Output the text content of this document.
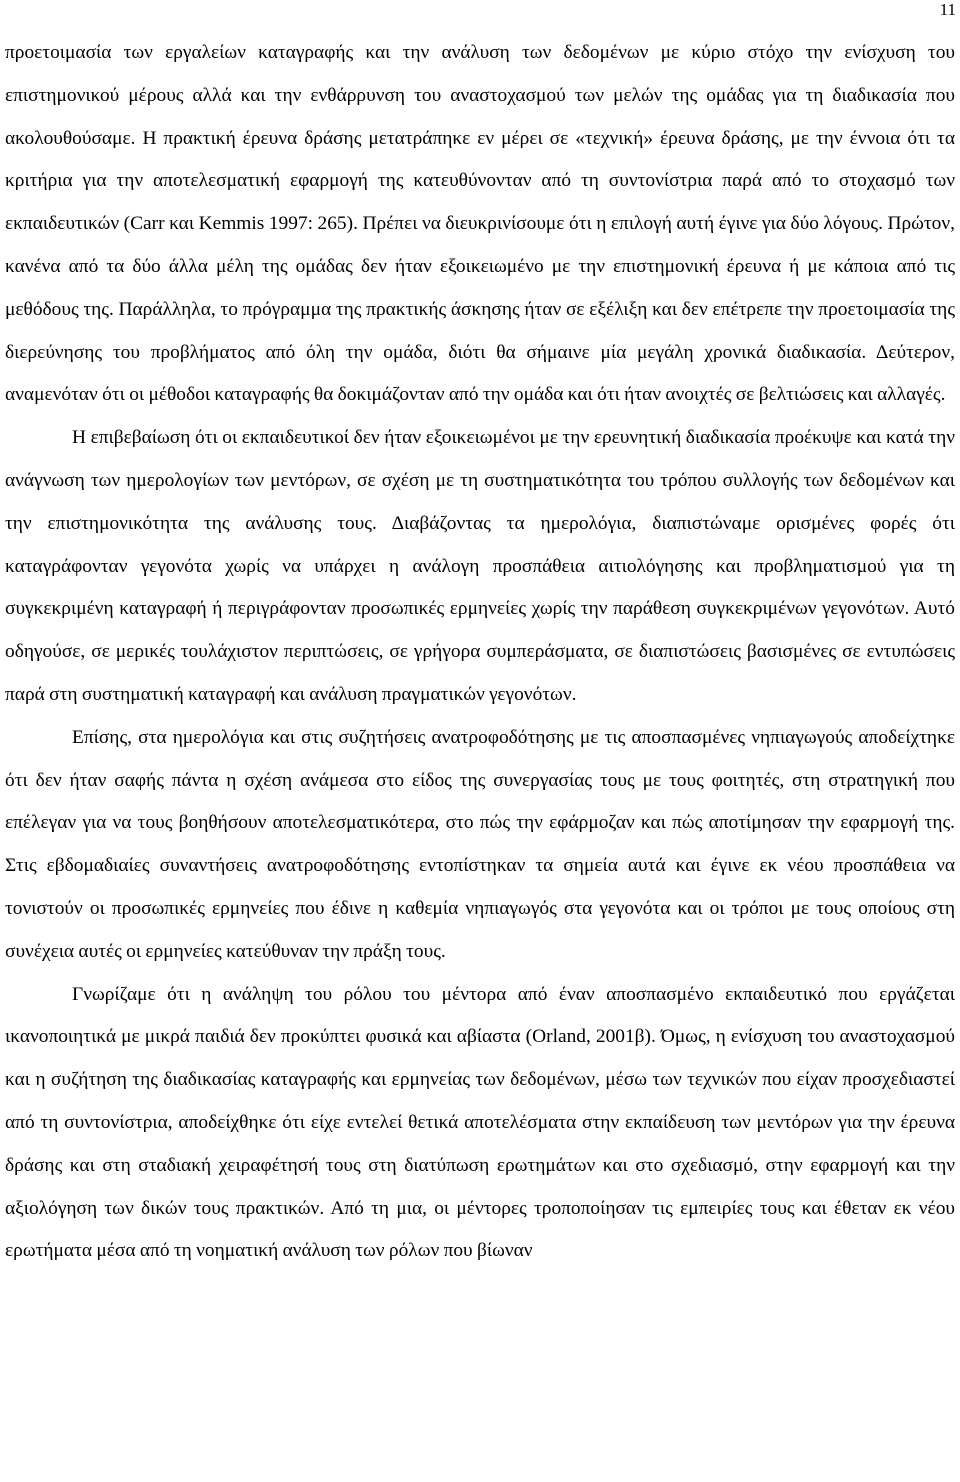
11

προετοιμασία των εργαλείων καταγραφής και την ανάλυση των δεδομένων με κύριο στόχο την ενίσχυση του επιστημονικού μέρους αλλά και την ενθάρρυνση του αναστοχασμού των μελών της ομάδας για τη διαδικασία που ακολουθούσαμε. Η πρακτική έρευνα δράσης μετατράπηκε εν μέρει σε «τεχνική» έρευνα δράσης, με την έννοια ότι τα κριτήρια για την αποτελεσματική εφαρμογή της κατευθύνονταν από τη συντονίστρια παρά από το στοχασμό των εκπαιδευτικών (Carr και Kemmis 1997: 265). Πρέπει να διευκρινίσουμε ότι η επιλογή αυτή έγινε για δύο λόγους. Πρώτον, κανένα από τα δύο άλλα μέλη της ομάδας δεν ήταν εξοικειωμένο με την επιστημονική έρευνα ή με κάποια από τις μεθόδους της. Παράλληλα, το πρόγραμμα της πρακτικής άσκησης ήταν σε εξέλιξη και δεν επέτρεπε την προετοιμασία της διερεύνησης του προβλήματος από όλη την ομάδα, διότι θα σήμαινε μία μεγάλη χρονικά διαδικασία. Δεύτερον, αναμενόταν ότι οι μέθοδοι καταγραφής θα δοκιμάζονταν από την ομάδα και ότι ήταν ανοιχτές σε βελτιώσεις και αλλαγές.

Η επιβεβαίωση ότι οι εκπαιδευτικοί δεν ήταν εξοικειωμένοι με την ερευνητική διαδικασία προέκυψε και κατά την ανάγνωση των ημερολογίων των μεντόρων, σε σχέση με τη συστηματικότητα του τρόπου συλλογής των δεδομένων και την επιστημονικότητα της ανάλυσης τους. Διαβάζοντας τα ημερολόγια, διαπιστώναμε ορισμένες φορές ότι καταγράφονταν γεγονότα χωρίς να υπάρχει η ανάλογη προσπάθεια αιτιολόγησης και προβληματισμού για τη συγκεκριμένη καταγραφή ή περιγράφονταν προσωπικές ερμηνείες χωρίς την παράθεση συγκεκριμένων γεγονότων. Αυτό οδηγούσε, σε μερικές τουλάχιστον περιπτώσεις, σε γρήγορα συμπεράσματα, σε διαπιστώσεις βασισμένες σε εντυπώσεις παρά στη συστηματική καταγραφή και ανάλυση πραγματικών γεγονότων.

Επίσης, στα ημερολόγια και στις συζητήσεις ανατροφοδότησης με τις αποσπασμένες νηπιαγωγούς αποδείχτηκε ότι δεν ήταν σαφής πάντα η σχέση ανάμεσα στο είδος της συνεργασίας τους με τους φοιτητές, στη στρατηγική που επέλεγαν για να τους βοηθήσουν αποτελεσματικότερα, στο πώς την εφάρμοζαν και πώς αποτίμησαν την εφαρμογή της. Στις εβδομαδιαίες συναντήσεις ανατροφοδότησης εντοπίστηκαν τα σημεία αυτά και έγινε εκ νέου προσπάθεια να τονιστούν οι προσωπικές ερμηνείες που έδινε η καθεμία νηπιαγωγός στα γεγονότα και οι τρόποι με τους οποίους στη συνέχεια αυτές οι ερμηνείες κατεύθυναν την πράξη τους.

Γνωρίζαμε ότι η ανάληψη του ρόλου του μέντορα από έναν αποσπασμένο εκπαιδευτικό που εργάζεται ικανοποιητικά με μικρά παιδιά δεν προκύπτει φυσικά και αβίαστα (Orland, 2001β). Όμως, η ενίσχυση του αναστοχασμού και η συζήτηση της διαδικασίας καταγραφής και ερμηνείας των δεδομένων, μέσω των τεχνικών που είχαν προσχεδιαστεί από τη συντονίστρια, αποδείχθηκε ότι είχε εντελεί θετικά αποτελέσματα στην εκπαίδευση των μεντόρων για την έρευνα δράσης και στη σταδιακή χειραφέτησή τους στη διατύπωση ερωτημάτων και στο σχεδιασμό, στην εφαρμογή και την αξιολόγηση των δικών τους πρακτικών. Από τη μια, οι μέντορες τροποποίησαν τις εμπειρίες τους και έθεταν εκ νέου ερωτήματα μέσα από τη νοηματική ανάλυση των ρόλων που βίωναν
